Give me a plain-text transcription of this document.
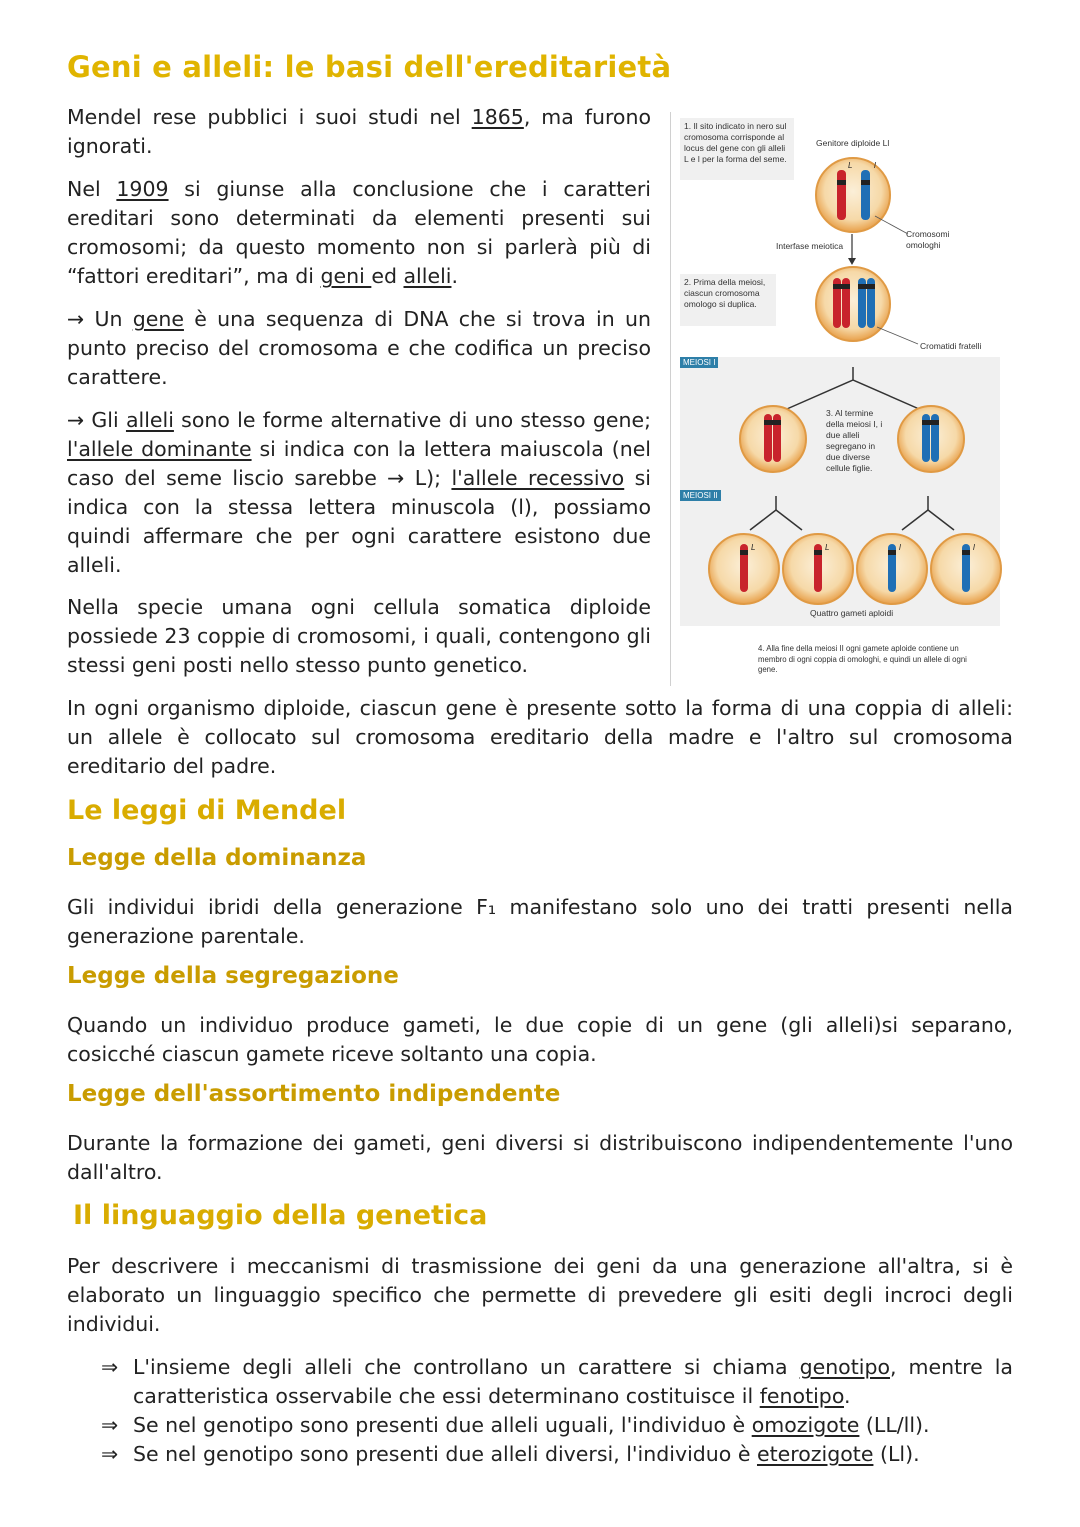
Geni e alleli: le basi dell'ereditarietà
Mendel rese pubblici i suoi studi nel 1865, ma furono ignorati.
Nel 1909 si giunse alla conclusione che i caratteri ereditari sono determinati da elementi presenti sui cromosomi; da questo momento non si parlerà più di “fattori ereditari”, ma di geni ed alleli.
→ Un gene è una sequenza di DNA che si trova in un punto preciso del cromosoma e che codifica un preciso carattere.
→ Gli alleli sono le forme alternative di uno stesso gene; l'allele dominante si indica con la lettera maiuscola (nel caso del seme liscio sarebbe → L); l'allele recessivo si indica con la stessa lettera minuscola (l), possiamo quindi affermare che per ogni carattere esistono due alleli.
Nella specie umana ogni cellula somatica diploide possiede 23 coppie di cromosomi, i quali, contengono gli stessi geni posti nello stesso punto genetico.
1. Il sito indicato in nero sul cromosoma corrisponde al locus del gene con gli alleli L e l per la forma del seme.
Genitore diploide Ll
Cromosomi omologhi
Interfase meiotica
2. Prima della meiosi, ciascun cromosoma omologo si duplica.
Cromatidi fratelli
MEIOSI I
3. Al termine della meiosi I, i due alleli segregano in due diverse cellule figlie.
MEIOSI II
Quattro gameti aploidi
4. Alla fine della meiosi II ogni gamete aploide contiene un membro di ogni coppia di omologhi, e quindi un allele di ogni gene.
L	l
L	L	l	l
In ogni organismo diploide, ciascun gene è presente sotto la forma di una coppia di alleli: un allele è collocato sul cromosoma ereditario della madre e l'altro sul cromosoma ereditario del padre.
Le leggi di Mendel
Legge della dominanza
Gli individui ibridi della generazione F₁ manifestano solo uno dei tratti presenti nella generazione parentale.
Legge della segregazione
Quando un individuo produce gameti, le due copie di un gene (gli alleli)si separano, cosicché ciascun gamete riceve soltanto una copia.
Legge dell'assortimento indipendente
Durante la formazione dei gameti, geni diversi si distribuiscono indipendentemente l'uno dall'altro.
Il linguaggio della genetica
Per descrivere i meccanismi di trasmissione dei geni da una generazione all'altra, si è elaborato un linguaggio specifico che permette di prevedere gli esiti degli incroci degli individui.
⇒ L'insieme degli alleli che controllano un carattere si chiama genotipo, mentre la caratteristica osservabile che essi determinano costituisce il fenotipo.
⇒ Se nel genotipo sono presenti due alleli uguali, l'individuo è omozigote (LL/ll).
⇒ Se nel genotipo sono presenti due alleli diversi, l'individuo è eterozigote (Ll).
